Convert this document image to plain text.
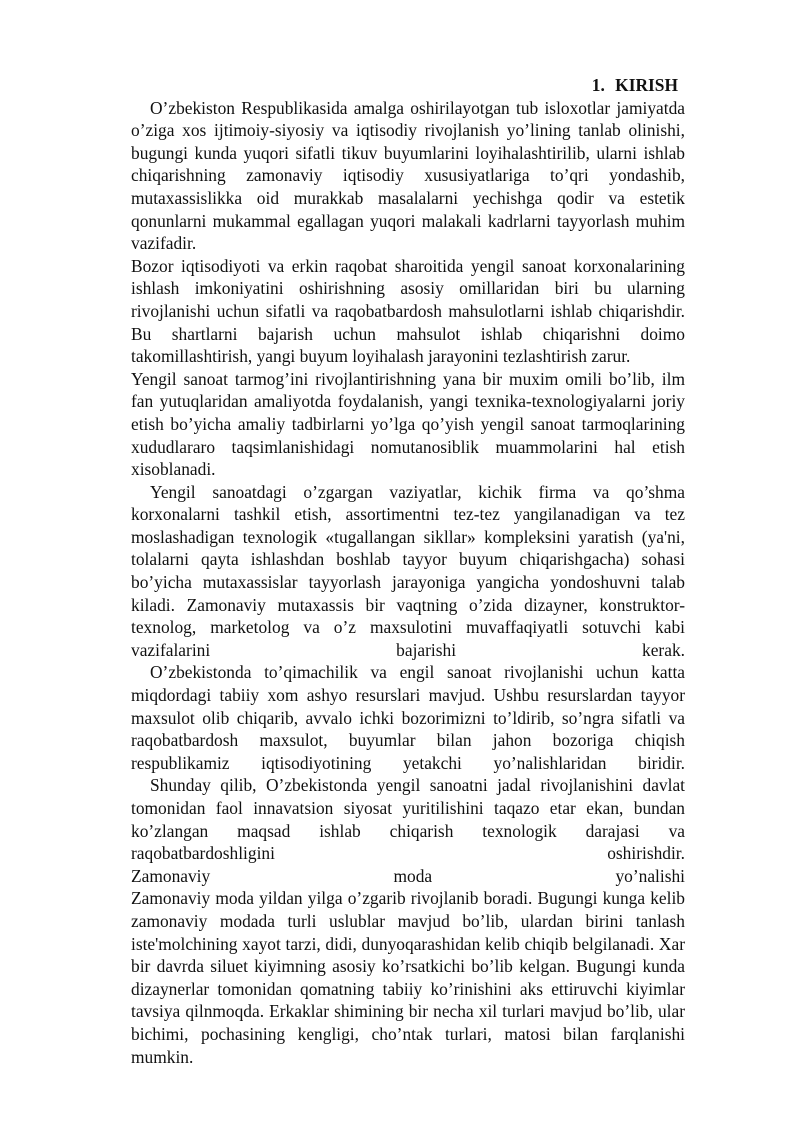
1. KIRISH

O’zbekiston Respublikasida amalga oshirilayotgan tub isloxotlar jamiyatda o’ziga xos ijtimoiy-siyosiy va iqtisodiy rivojlanish yo’lining tanlab olinishi, bugungi kunda yuqori sifatli tikuv buyumlarini loyihalashtirilib, ularni ishlab chiqarishning zamonaviy iqtisodiy xususiyatlariga to’qri yondashib, mutaxassislikka oid murakkab masalalarni yechishga qodir va estetik qonunlarni mukammal egallagan yuqori malakali kadrlarni tayyorlash muhim vazifadir.

Bozor iqtisodiyoti va erkin raqobat sharoitida yengil sanoat korxonalarining ishlash imkoniyatini oshirishning asosiy omillaridan biri bu ularning rivojlanishi uchun sifatli va raqobatbardosh mahsulotlarni ishlab chiqarishdir. Bu shartlarni bajarish uchun mahsulot ishlab chiqarishni doimo takomillashtirish, yangi buyum loyihalash jarayonini tezlashtirish zarur.

Yengil sanoat tarmog’ini rivojlantirishning yana bir muxim omili bo’lib, ilm fan yutuqlaridan amaliyotda foydalanish, yangi texnika-texnologiyalarni joriy etish bo’yicha amaliy tadbirlarni yo’lga qo’yish yengil sanoat tarmoqlarining xududlararo taqsimlanishidagi nomutanosiblik muammolarini hal etish xisoblanadi.

Yengil sanoatdagi o’zgargan vaziyatlar, kichik firma va qo’shma korxonalarni tashkil etish, assortimentni tez-tez yangilanadigan va tez moslashadigan texnologik «tugallangan sikllar» kompleksini yaratish (ya'ni, tolalarni qayta ishlashdan boshlab tayyor buyum chiqarishgacha) sohasi bo’yicha mutaxassislar tayyorlash jarayoniga yangicha yondoshuvni talab kiladi. Zamonaviy mutaxassis bir vaqtning o’zida dizayner, konstruktor-texnolog, marketolog va o’z maxsulotini muvaffaqiyatli sotuvchi kabi vazifalarini bajarishi kerak.

O’zbekistonda to’qimachilik va engil sanoat rivojlanishi uchun katta miqdordagi tabiiy xom ashyo resurslari mavjud. Ushbu resurslardan tayyor maxsulot olib chiqarib, avvalo ichki bozorimizni to’ldirib, so’ngra sifatli va raqobatbardosh maxsulot, buyumlar bilan jahon bozoriga chiqish respublikamiz iqtisodiyotining yetakchi yo’nalishlaridan biridir.

Shunday qilib, O’zbekistonda yengil sanoatni jadal rivojlanishini davlat tomonidan faol innavatsion siyosat yuritilishini taqazo etar ekan, bundan ko’zlangan maqsad ishlab chiqarish texnologik darajasi va raqobatbardoshligini oshirishdir.

Zamonaviy moda yo’nalishi

Zamonaviy moda yildan yilga o’zgarib rivojlanib boradi. Bugungi kunga kelib zamonaviy modada turli uslublar mavjud bo’lib, ulardan birini tanlash iste'molchining xayot tarzi, didi, dunyoqarashidan kelib chiqib belgilanadi. Xar bir davrda siluet kiyimning asosiy ko’rsatkichi bo’lib kelgan. Bugungi kunda dizaynerlar tomonidan qomatning tabiiy ko’rinishini aks ettiruvchi kiyimlar tavsiya qilnmoqda. Erkaklar shimining bir necha xil turlari mavjud bo’lib, ular bichimi, pochasining kengligi, cho’ntak turlari, matosi bilan farqlanishi mumkin.
